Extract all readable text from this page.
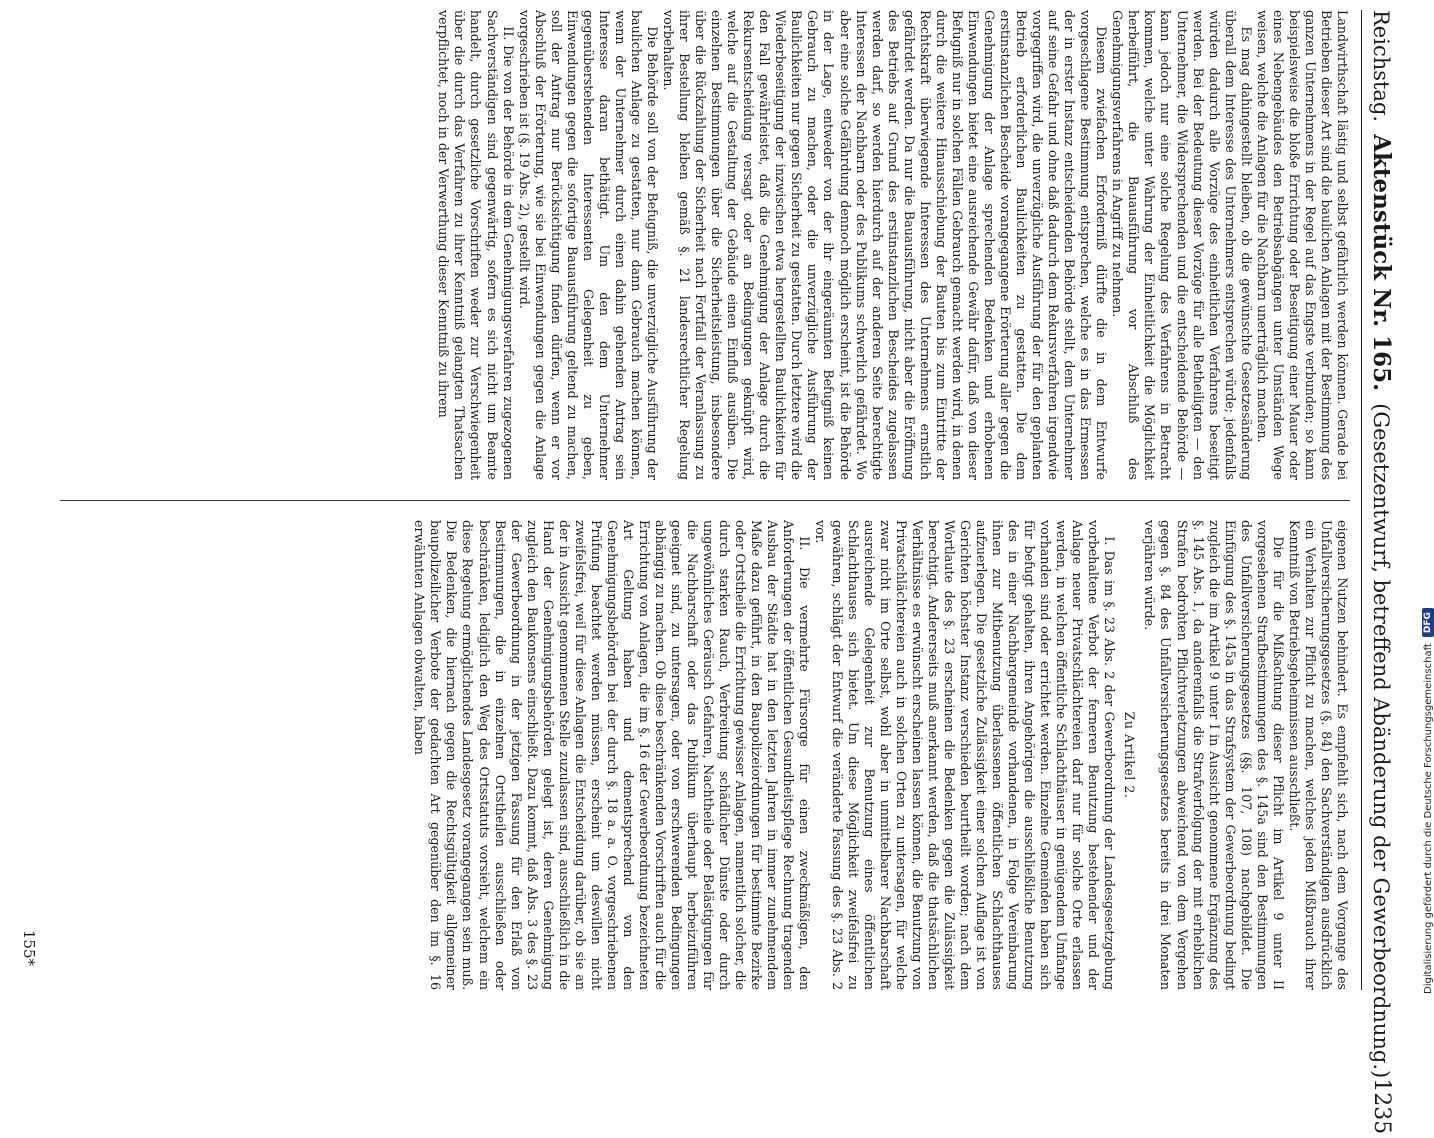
Reichstag.
Aktenstück Nr. 165.
(Gesetzentwurf, betreffend Abänderung der Gewerbeordnung.)
1235

Landwirthschaft lästig und selbst gefährlich werden können. Gerade bei Betrieben dieser Art sind die baulichen Anlagen mit der Bestimmung des ganzen Unternehmens in der Regel auf das Engste verbunden; so kann beispielsweise die bloße Errichtung oder Beseitigung einer Mauer oder eines Nebengebäudes den Betriebsabgängen unter Umständen Wege weisen, welche die Anlagen für die Nachbarn unerträglich machen.

Es mag dahingestellt bleiben, ob die gewünschte Gesetzesänderung überall dem Interesse des Unternehmers entsprechen würde; jedenfalls würden dadurch alle Vorzüge des einheitlichen Verfahrens beseitigt werden. Bei der Bedeutung dieser Vorzüge für alle Betheiligten — den Unternehmer, die Widersprechenden und die entscheidende Behörde — kann jedoch nur eine solche Regelung des Verfahrens in Betracht kommen, welche unter Wahrung der Einheitlichkeit die Möglichkeit herbeiführt, die Bauausführung vor Abschluß des Genehmigungsverfahrens in Angriff zu nehmen.

Diesem zwiefachen Erforderniß dürfte die in dem Entwurfe vorgeschlagene Bestimmung entsprechen, welche es in das Ermessen der in erster Instanz entscheidenden Behörde stellt, dem Unternehmer auf seine Gefahr und ohne daß dadurch dem Rekursverfahren irgendwie vorgegriffen wird, die unverzügliche Ausführung der für den geplanten Betrieb erforderlichen Baulichkeiten zu gestatten. Die dem erstinstanzlichen Bescheide vorangegangene Erörterung aller gegen die Genehmigung der Anlage sprechenden Bedenken und erhobenen Einwendungen bietet eine ausreichende Gewähr dafür, daß von dieser Befugniß nur in solchen Fällen Gebrauch gemacht werden wird, in denen durch die weitere Hinausschiebung der Bauten bis zum Eintritte der Rechtskraft überwiegende Interessen des Unternehmens ernstlich gefährdet werden. Da nur die Bauausführung, nicht aber die Eröffnung des Betriebs auf Grund des erstinstanzlichen Bescheides zugelassen werden darf, so werden hierdurch auf der anderen Seite berechtigte Interessen der Nachbarn oder des Publikums schwerlich gefährdet. Wo aber eine solche Gefährdung dennoch möglich erscheint, ist die Behörde in der Lage, entweder von der ihr eingeräumten Befugniß keinen Gebrauch zu machen, oder die unverzügliche Ausführung der Baulichkeiten nur gegen Sicherheit zu gestatten. Durch letztere wird die Wiederbeseitigung der inzwischen etwa hergestellten Baulichkeiten für den Fall gewährleistet, daß die Genehmigung der Anlage durch die Rekursentscheidung versagt oder an Bedingungen geknüpft wird, welche auf die Gestaltung der Gebäude einen Einfluß ausüben. Die einzelnen Bestimmungen über die Sicherheitsleistung, insbesondere über die Rückzahlung der Sicherheit nach Fortfall der Veranlassung zu ihrer Bestellung bleiben gemäß §. 21 landesrechtlicher Regelung vorbehalten.

Die Behörde soll von der Befugniß, die unverzügliche Ausführung der baulichen Anlage zu gestatten, nur dann Gebrauch machen können, wenn der Unternehmer durch einen dahin gehenden Antrag sein Interesse daran bethätigt. Um den dem Unternehmer gegenüberstehenden Interessenten Gelegenheit zu geben, Einwendungen gegen die sofortige Bauausführung geltend zu machen, soll der Antrag nur Berücksichtigung finden dürfen, wenn er vor Abschluß der Erörterung, wie sie bei Einwendungen gegen die Anlage vorgeschrieben ist (§. 19 Abs. 2), gestellt wird.

II. Die von der Behörde in dem Genehmigungsverfahren zugezogenen Sachverständigen sind gegenwärtig, sofern es sich nicht um Beamte handelt, durch gesetzliche Vorschriften weder zur Verschwiegenheit über die durch das Verfahren zu ihrer Kenntniß gelangten Thatsachen verpflichtet, noch in der Verwerthung dieser Kenntniß zu ihrem

eigenen Nutzen behindert. Es empfiehlt sich, nach dem Vorgange des Unfallversicherungsgesetzes (§. 84) den Sachverständigen ausdrücklich ein Verhalten zur Pflicht zu machen, welches jeden Mißbrauch ihrer Kenntniß von Betriebsgeheimnissen ausschließt.

Die für die Mißachtung dieser Pflicht im Artikel 9 unter II vorgesehenen Strafbestimmungen des §. 145a sind den Bestimmungen des Unfallversicherungsgesetzes (§§. 107, 108) nachgebildet. Die Einfügung des §. 145a in das Strafsystem der Gewerbeordnung bedingt zugleich die im Artikel 9 unter I in Aussicht genommene Ergänzung des §. 145 Abs. 1, da anderenfalls die Strafverfolgung der mit erheblichen Strafen bedrohten Pflichtverletzungen abweichend von dem Vergehen gegen §. 84 des Unfallversicherungsgesetzes bereits in drei Monaten verjähren würde.

Zu Artikel 2.

I. Das im §. 23 Abs. 2 der Gewerbeordnung der Landesgesetzgebung vorbehaltene Verbot der ferneren Benutzung bestehender und der Anlage neuer Privatschlächtereien darf nur für solche Orte erlassen werden, in welchen öffentliche Schlachthäuser in genügendem Umfange vorhanden sind oder errichtet werden. Einzelne Gemeinden haben sich für befugt gehalten, ihren Angehörigen die ausschließliche Benutzung des in einer Nachbargemeinde vorhandenen, in Folge Vereinbarung ihnen zur Mitbenutzung überlassenen öffentlichen Schlachthauses aufzuerlegen. Die gesetzliche Zulässigkeit einer solchen Auflage ist von Gerichten höchster Instanz verschieden beurtheilt worden; nach dem Wortlaute des §. 23 erscheinen die Bedenken gegen die Zulässigkeit berechtigt. Andererseits muß anerkannt werden, daß die thatsächlichen Verhältnisse es erwünscht erscheinen lassen können, die Benutzung von Privatschlächtereien auch in solchen Orten zu untersagen, für welche zwar nicht im Orte selbst, wohl aber in unmittelbarer Nachbarschaft ausreichende Gelegenheit zur Benutzung eines öffentlichen Schlachthauses sich bietet. Um diese Möglichkeit zweifelsfrei zu gewähren, schlägt der Entwurf die veränderte Fassung des §. 23 Abs. 2 vor.

II. Die vermehrte Fürsorge für einen zweckmäßigen, den Anforderungen der öffentlichen Gesundheitspflege Rechnung tragenden Ausbau der Städte hat in den letzten Jahren in immer zunehmendem Maße dazu geführt, in den Baupolizeiordnungen für bestimmte Bezirke oder Ortstheile die Errichtung gewisser Anlagen, namentlich solcher, die durch starken Rauch, Verbreitung schädlicher Dünste oder durch ungewöhnliches Geräusch Gefahren, Nachtheile oder Belästigungen für die Nachbarschaft oder das Publikum überhaupt herbeizuführen geeignet sind, zu untersagen, oder von erschwerenden Bedingungen abhängig zu machen. Ob diese beschränkenden Vorschriften auch für die Errichtung von Anlagen, die im §. 16 der Gewerbeordnung bezeichneten Art Geltung haben und dementsprechend von den Genehmigungsbehörden bei der durch §. 18 a. a. O. vorgeschriebenen Prüfung beachtet werden müssen, erscheint um deswillen nicht zweifelsfrei, weil für diese Anlagen die Entscheidung darüber, ob sie an der in Aussicht genommenen Stelle zuzulassen sind, ausschließlich in die Hand der Genehmigungsbehörden gelegt ist, deren Genehmigung zugleich den Baukonsens einschließt. Dazu kommt, daß Abs. 3 des §. 23 der Gewerbeordnung in der jetzigen Fassung für den Erlaß von Bestimmungen, die in einzelnen Ortstheilen ausschließen oder beschränken, lediglich den Weg des Ortsstatuts vorsieht, welchem ein diese Regelung ermöglichendes Landesgesetz vorangegangen sein muß. Die Bedenken, die hiernach gegen die Rechtsgültigkeit allgemeiner baupolizeilicher Verbote der gedachten Art gegenüber den im §. 16 erwähnten Anlagen obwalten, haben

155*	Digitalisierung gefördert durch die Deutsche Forschungsgemeinschaft
DFG
